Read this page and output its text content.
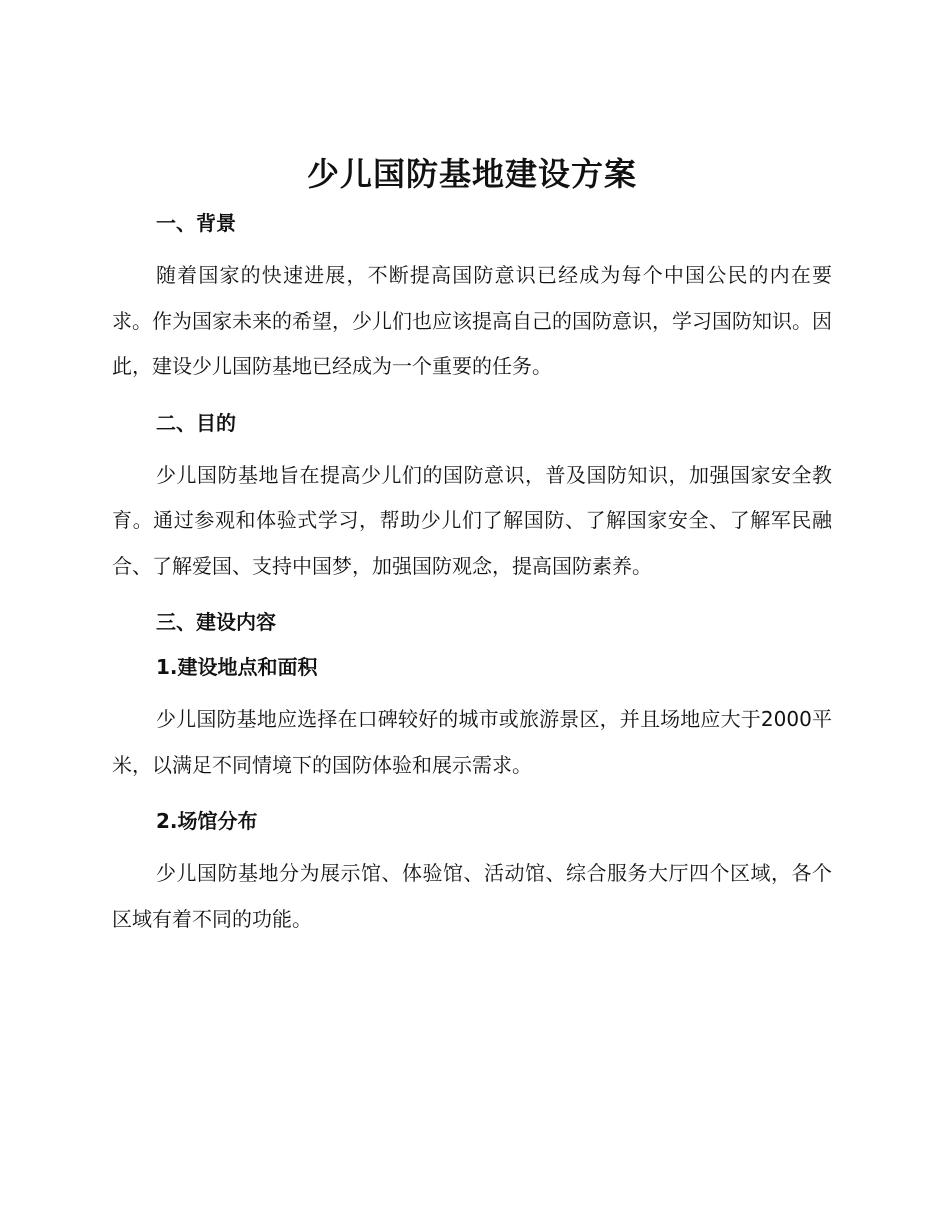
少儿国防基地建设方案
一、背景

随着国家的快速进展，不断提高国防意识已经成为每个中国公民的内在要求。作为国家未来的希望，少儿们也应该提高自己的国防意识，学习国防知识。因此，建设少儿国防基地已经成为一个重要的任务。

二、目的

少儿国防基地旨在提高少儿们的国防意识，普及国防知识，加强国家安全教育。通过参观和体验式学习，帮助少儿们了解国防、了解国家安全、了解军民融合、了解爱国、支持中国梦，加强国防观念，提高国防素养。

三、建设内容
1.建设地点和面积

少儿国防基地应选择在口碑较好的城市或旅游景区，并且场地应大于2000平米，以满足不同情境下的国防体验和展示需求。

2.场馆分布

少儿国防基地分为展示馆、体验馆、活动馆、综合服务大厅四个区域，各个区域有着不同的功能。
